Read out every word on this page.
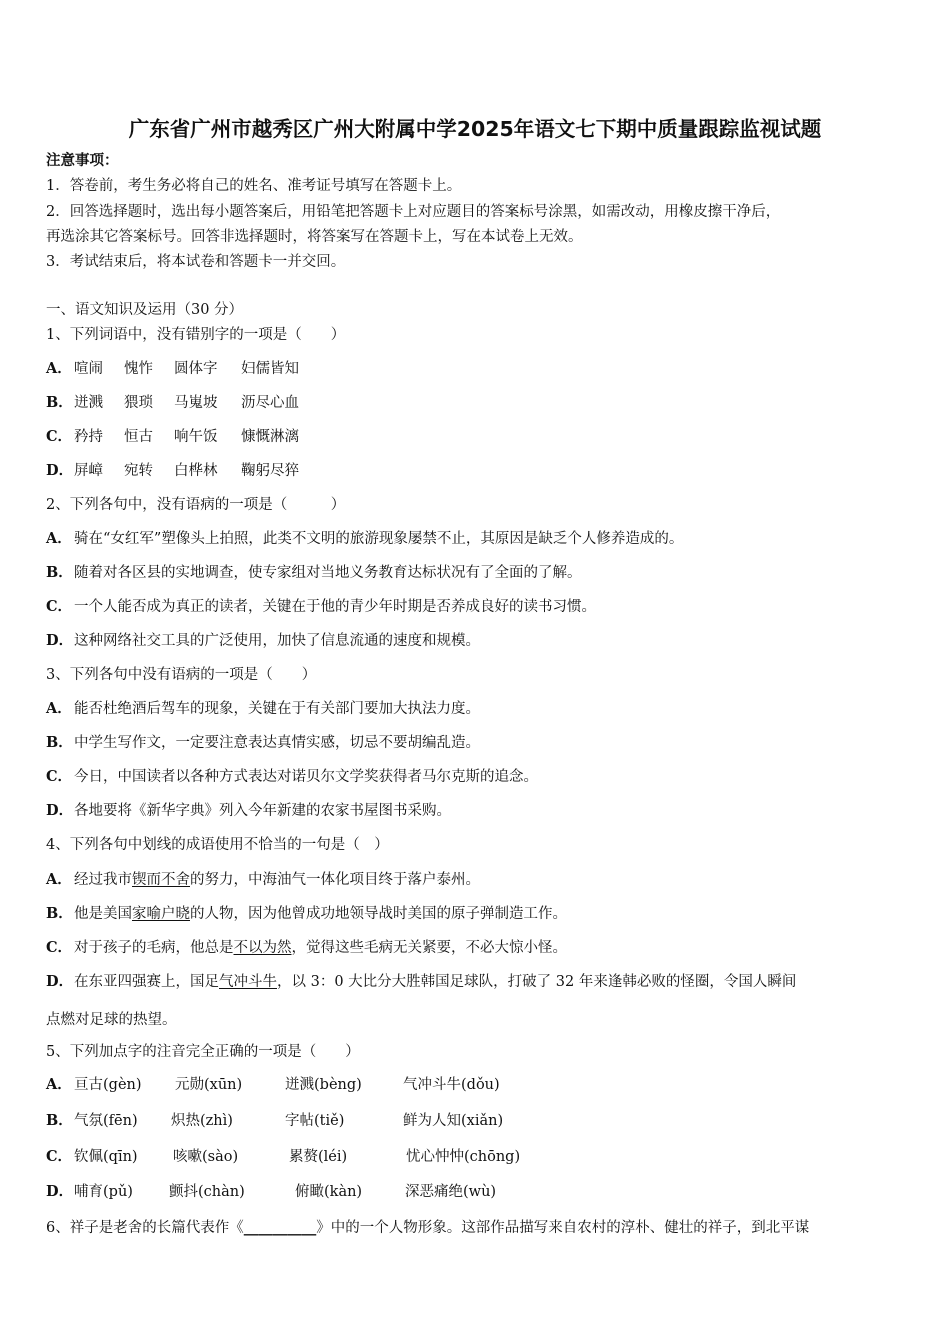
广东省广州市越秀区广州大附属中学2025年语文七下期中质量跟踪监视试题
注意事项：
1．答卷前，考生务必将自己的姓名、准考证号填写在答题卡上。
2．回答选择题时，选出每小题答案后，用铅笔把答题卡上对应题目的答案标号涂黑，如需改动，用橡皮擦干净后，
再选涂其它答案标号。回答非选择题时，将答案写在答题卡上，写在本试卷上无效。
3．考试结束后，将本试卷和答题卡一并交回。
一、语文知识及运用（30 分）
1、下列词语中，没有错别字的一项是（　　）
A． 喧闹 愧怍 圆体字 妇儒皆知
B．迸溅 猥琐 马嵬坡 沥尽心血
C． 矜持 恒古 响午饭 慷慨淋漓
D．屏嶂 宛转 白桦林 鞠躬尽猝
2、下列各句中，没有语病的一项是（　　　）
A． 骑在“女红军”塑像头上拍照，此类不文明的旅游现象屡禁不止，其原因是缺乏个人修养造成的。
B．随着对各区县的实地调查，使专家组对当地义务教育达标状况有了全面的了解。
C． 一个人能否成为真正的读者，关键在于他的青少年时期是否养成良好的读书习惯。
D．这种网络社交工具的广泛使用，加快了信息流通的速度和规模。
3、下列各句中没有语病的一项是（　　）
A． 能否杜绝酒后驾车的现象，关键在于有关部门要加大执法力度。
B．中学生写作文，一定要注意表达真情实感，切忌不要胡编乱造。
C． 今日，中国读者以各种方式表达对诺贝尔文学奖获得者马尔克斯的追念。
D．各地要将《新华字典》列入今年新建的农家书屋图书采购。
4、下列各句中划线的成语使用不恰当的一句是（　）
A． 经过我市锲而不舍的努力，中海油气一体化项目终于落户泰州。
B．他是美国家喻户晓的人物，因为他曾成功地领导战时美国的原子弹制造工作。
C． 对于孩子的毛病，他总是不以为然，觉得这些毛病无关紧要，不必大惊小怪。
D．在东亚四强赛上，国足气冲斗牛，以 3：0 大比分大胜韩国足球队，打破了 32 年来逢韩必败的怪圈，令国人瞬间
点燃对足球的热望。
5、下列加点字的注音完全正确的一项是（　　）
A． 亘古(gèn) 元勋(xūn)	迸溅(bèng)	气冲斗牛(dǒu)
B．气氛(fēn) 炽热(zhì)	字帖(tiě)	鲜为人知(xiǎn)
C． 钦佩(qīn) 咳嗽(sào)	累赘(léi)	忧心忡忡(chōng)
D．哺育(pǔ) 颤抖(chàn)	俯瞰(kàn)	深恶痛绝(wù)
6、祥子是老舍的长篇代表作《__________》中的一个人物形象。这部作品描写来自农村的淳朴、健壮的祥子，到北平谋
